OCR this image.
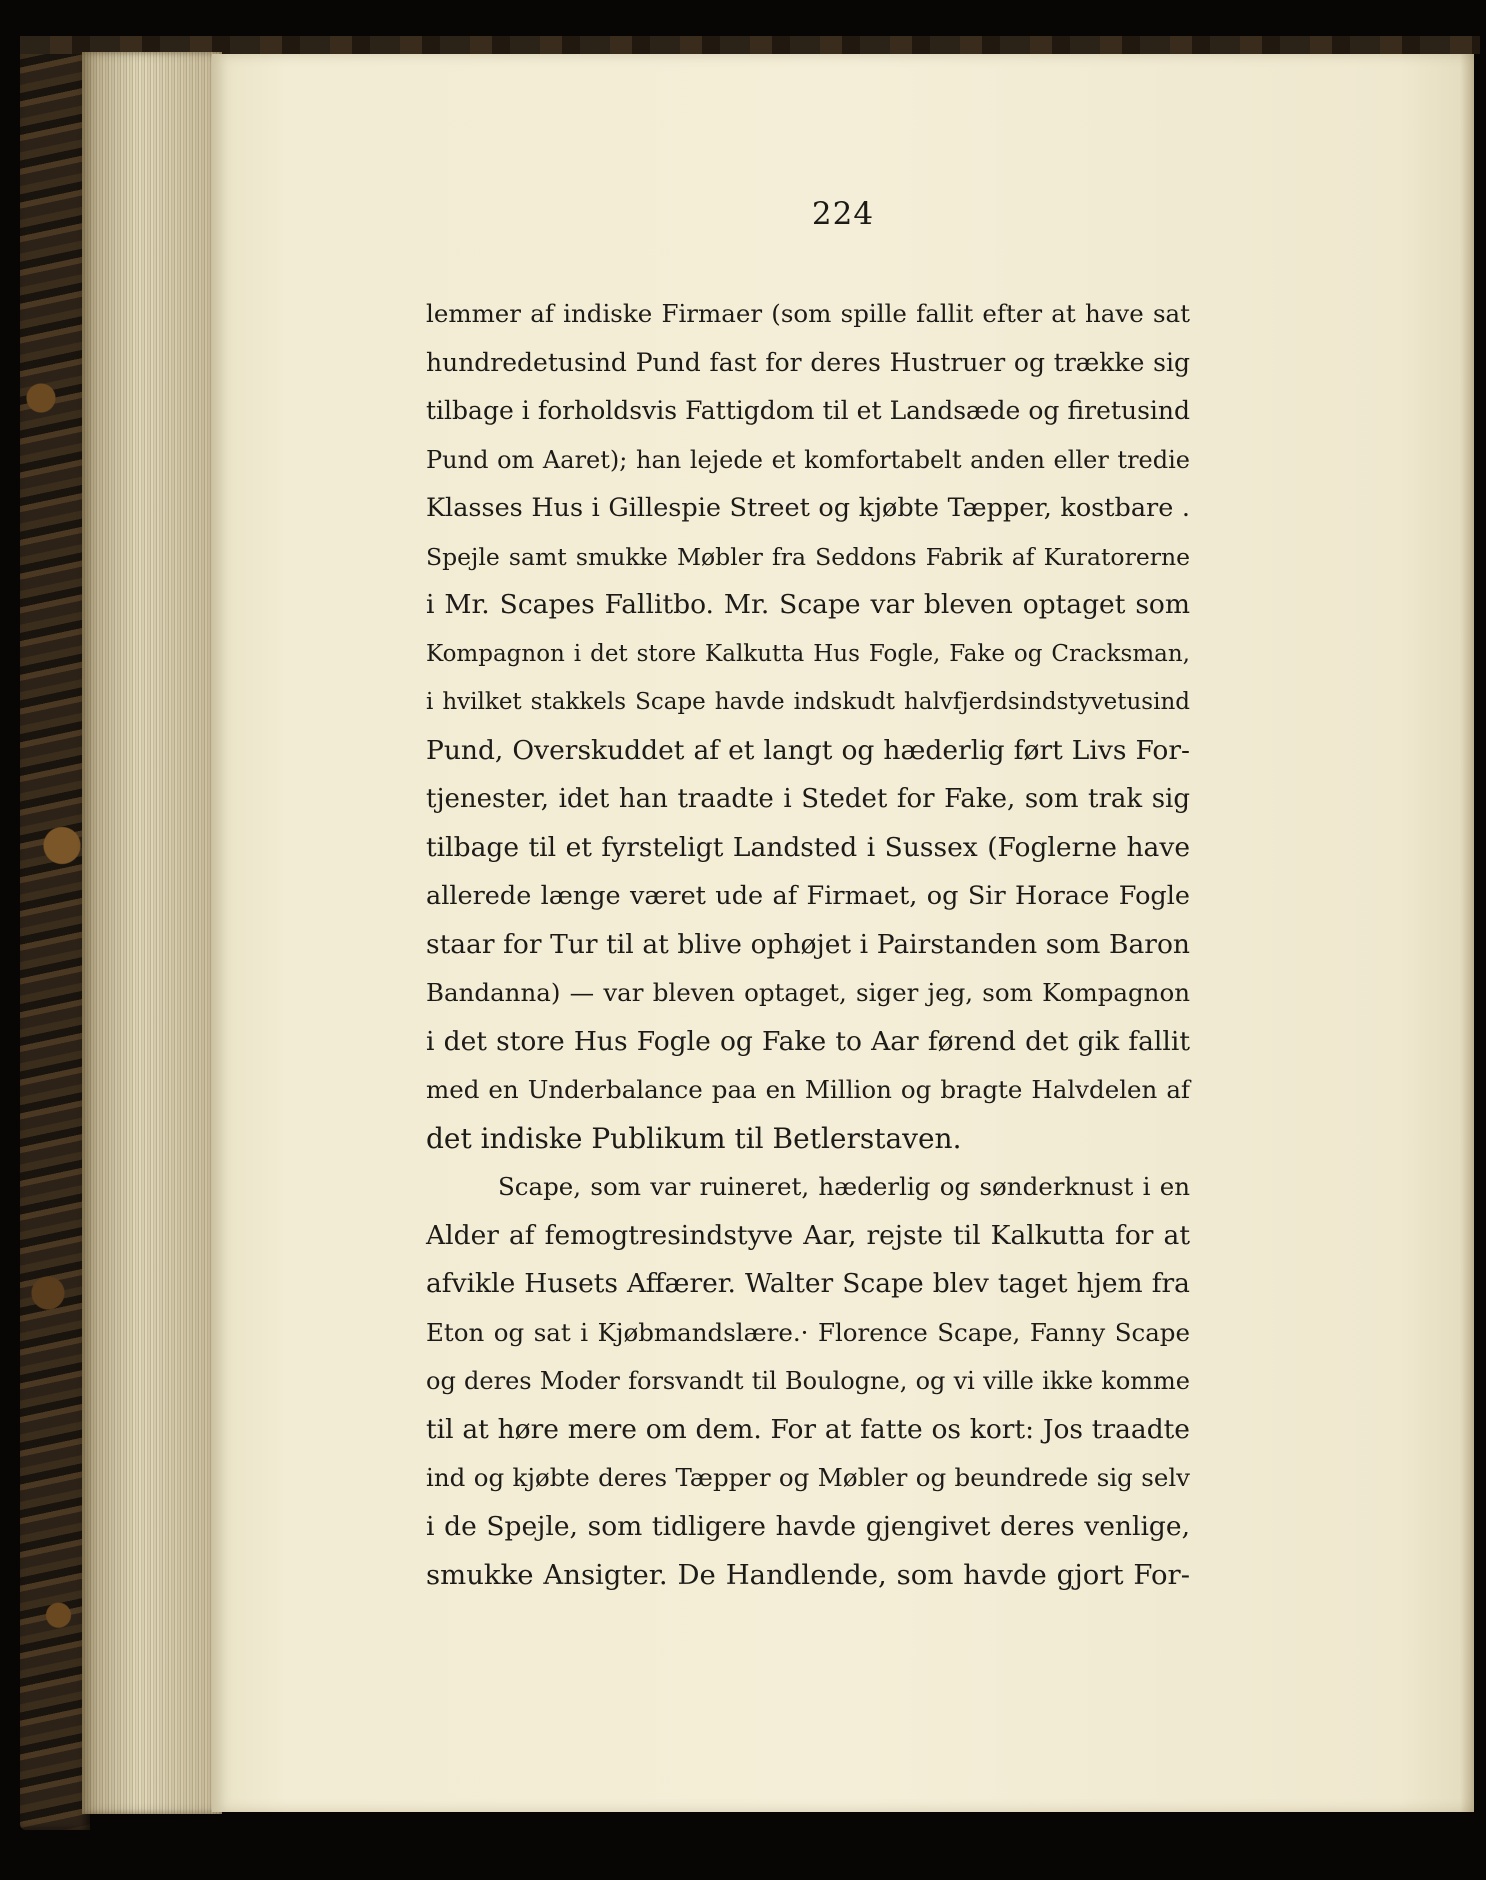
224
lemmer af indiske Firmaer (som spille fallit efter at have sat
hundredetusind Pund fast for deres Hustruer og trække sig
tilbage i forholdsvis Fattigdom til et Landsæde og firetusind
Pund om Aaret); han lejede et komfortabelt anden eller tredie
Klasses Hus i Gillespie Street og kjøbte Tæpper, kostbare .
Spejle samt smukke Møbler fra Seddons Fabrik af Kuratorerne
i Mr. Scapes Fallitbo. Mr. Scape var bleven optaget som
Kompagnon i det store Kalkutta Hus Fogle, Fake og Cracksman,
i hvilket stakkels Scape havde indskudt halvfjerdsindstyvetusind
Pund, Overskuddet af et langt og hæderlig ført Livs For-
tjenester, idet han traadte i Stedet for Fake, som trak sig
tilbage til et fyrsteligt Landsted i Sussex (Foglerne have
allerede længe været ude af Firmaet, og Sir Horace Fogle
staar for Tur til at blive ophøjet i Pairstanden som Baron
Bandanna) — var bleven optaget, siger jeg, som Kompagnon
i det store Hus Fogle og Fake to Aar førend det gik fallit
med en Underbalance paa en Million og bragte Halvdelen af
det indiske Publikum til Betlerstaven.
Scape, som var ruineret, hæderlig og sønderknust i en
Alder af femogtresindstyve Aar, rejste til Kalkutta for at
afvikle Husets Affærer. Walter Scape blev taget hjem fra
Eton og sat i Kjøbmandslære.· Florence Scape, Fanny Scape
og deres Moder forsvandt til Boulogne, og vi ville ikke komme
til at høre mere om dem. For at fatte os kort: Jos traadte
ind og kjøbte deres Tæpper og Møbler og beundrede sig selv
i de Spejle, som tidligere havde gjengivet deres venlige,
smukke Ansigter. De Handlende, som havde gjort For-
